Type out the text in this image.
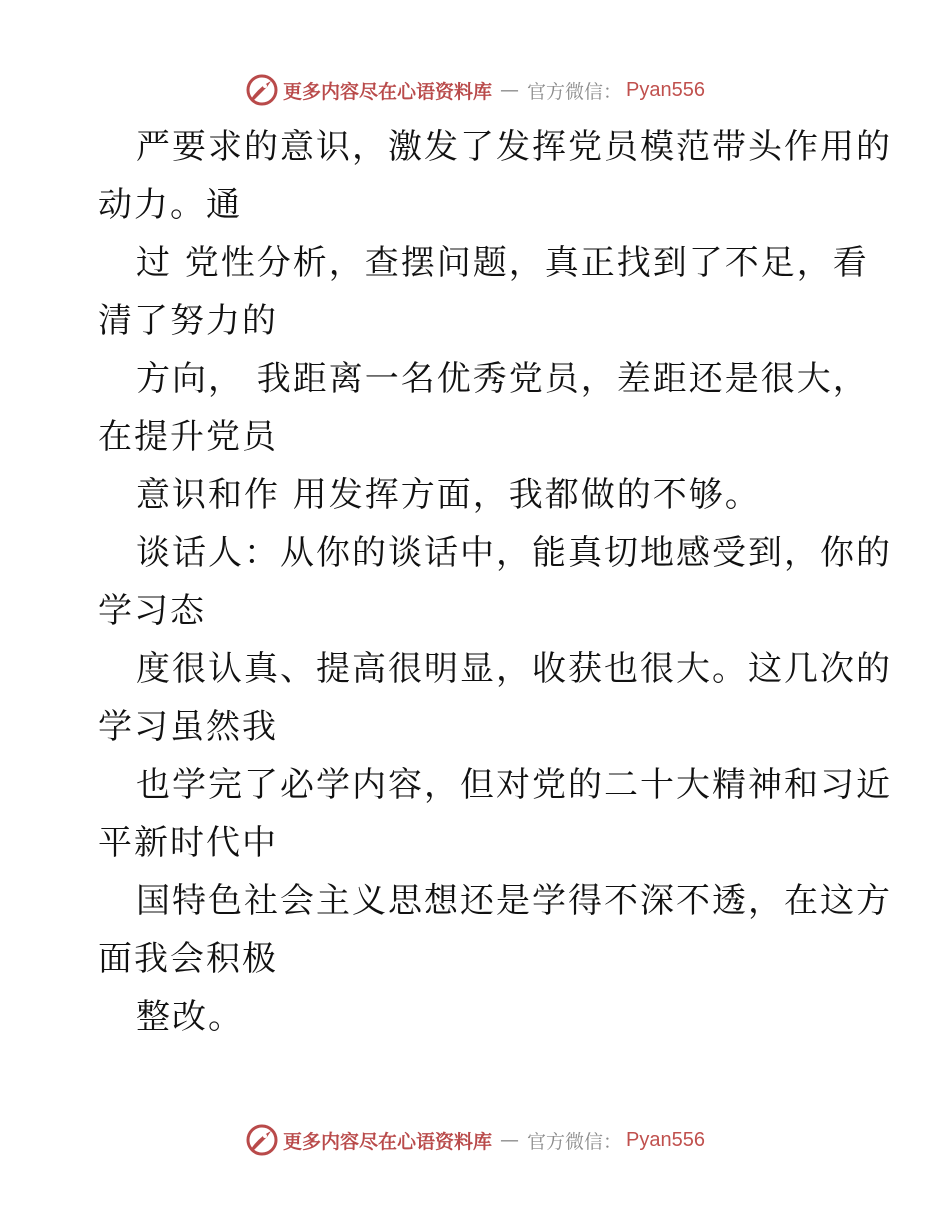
更多内容尽在心语资料库 — 官方微信： Pyan556
严要求的意识，激发了发挥党员模范带头作用的
动力。通
过 党性分析，查摆问题，真正找到了不足，看
清了努力的
方向， 我距离一名优秀党员，差距还是很大，
在提升党员
意识和作 用发挥方面，我都做的不够。
谈话人：从你的谈话中，能真切地感受到，你的
学习态
度很认真、提高很明显，收获也很大。这几次的
学习虽然我
也学完了必学内容，但对党的二十大精神和习近
平新时代中
国特色社会主义思想还是学得不深不透，在这方
面我会积极
整改。
更多内容尽在心语资料库 — 官方微信： Pyan556
